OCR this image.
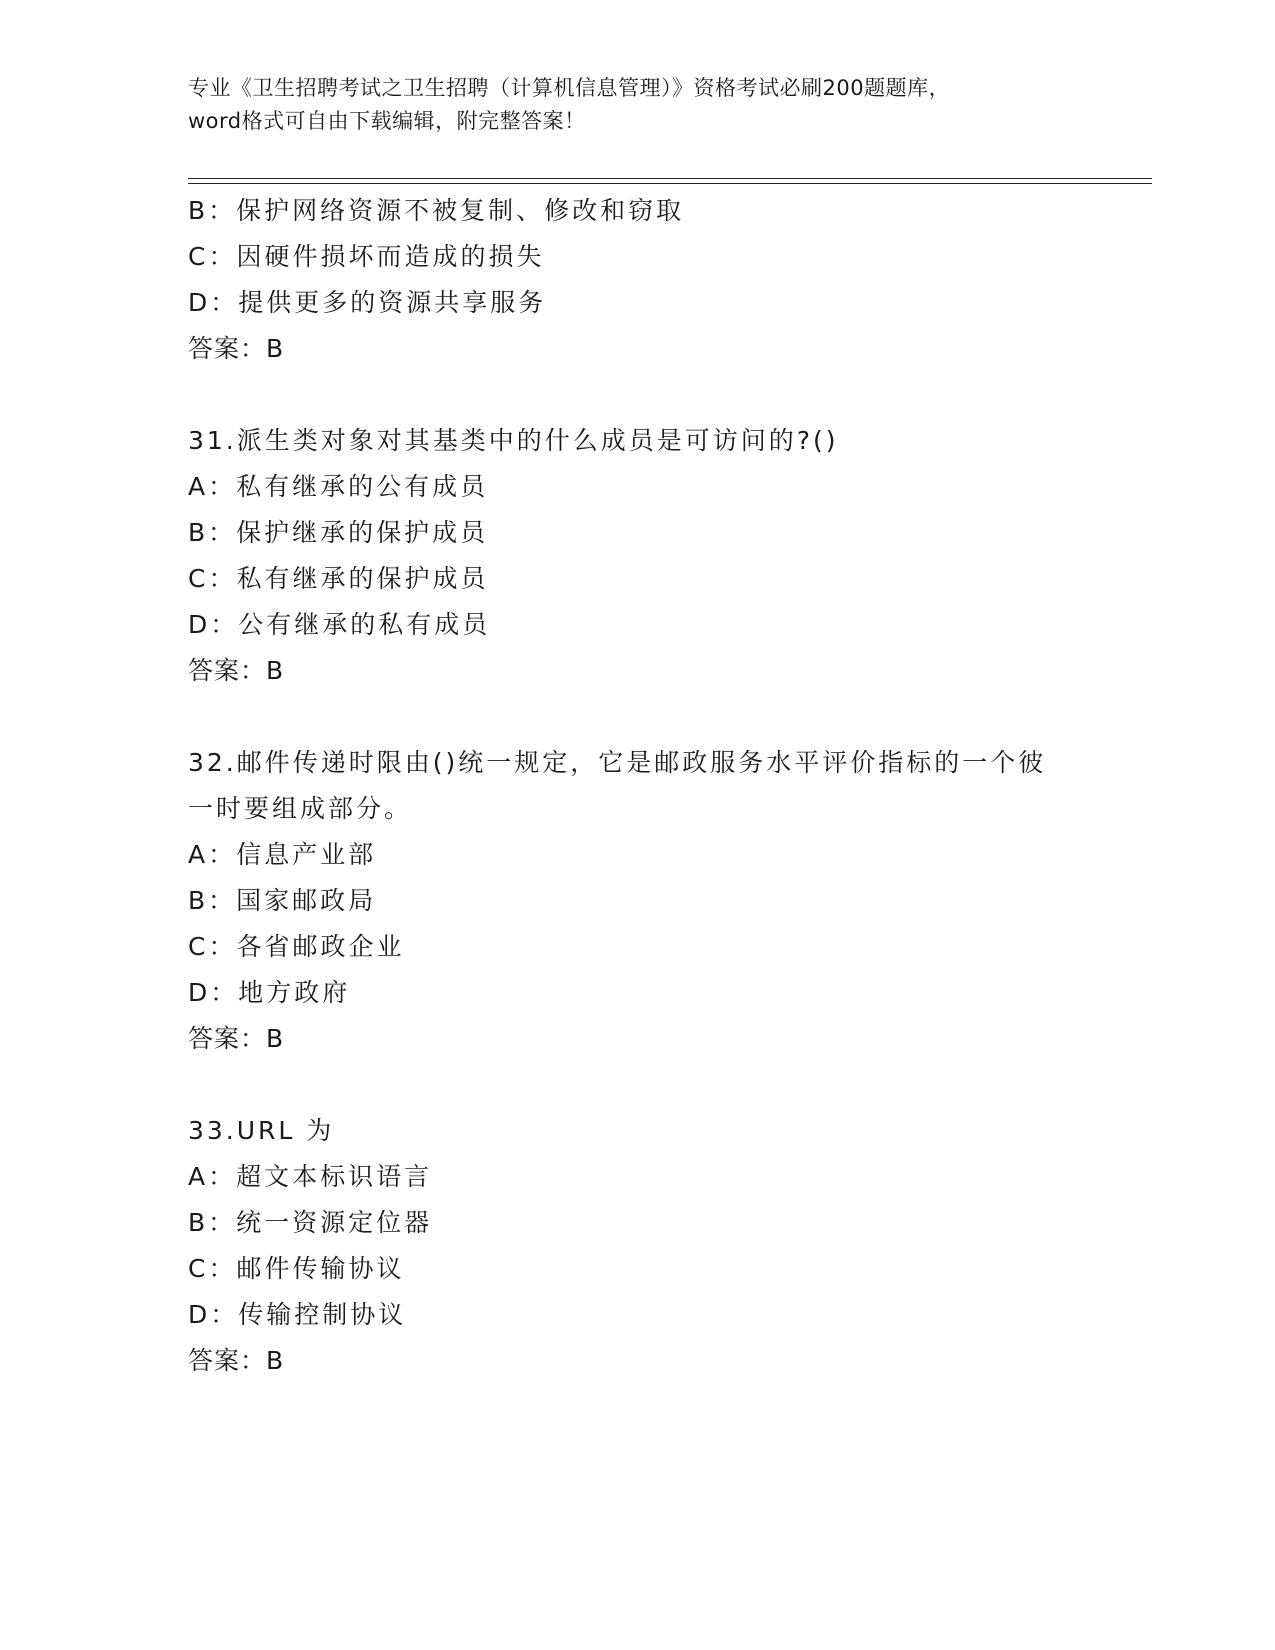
专业《卫生招聘考试之卫生招聘（计算机信息管理）》资格考试必刷200题题库，
word格式可自由下载编辑，附完整答案！
B：保护网络资源不被复制、修改和窃取
C：因硬件损坏而造成的损失
D：提供更多的资源共享服务
答案：B
31.派生类对象对其基类中的什么成员是可访问的?()
A：私有继承的公有成员
B：保护继承的保护成员
C：私有继承的保护成员
D：公有继承的私有成员
答案：B
32.邮件传递时限由()统一规定，它是邮政服务水平评价指标的一个彼
一时要组成部分。
A：信息产业部
B：国家邮政局
C：各省邮政企业
D：地方政府
答案：B
33.URL 为
A：超文本标识语言
B：统一资源定位器
C：邮件传输协议
D：传输控制协议
答案：B
